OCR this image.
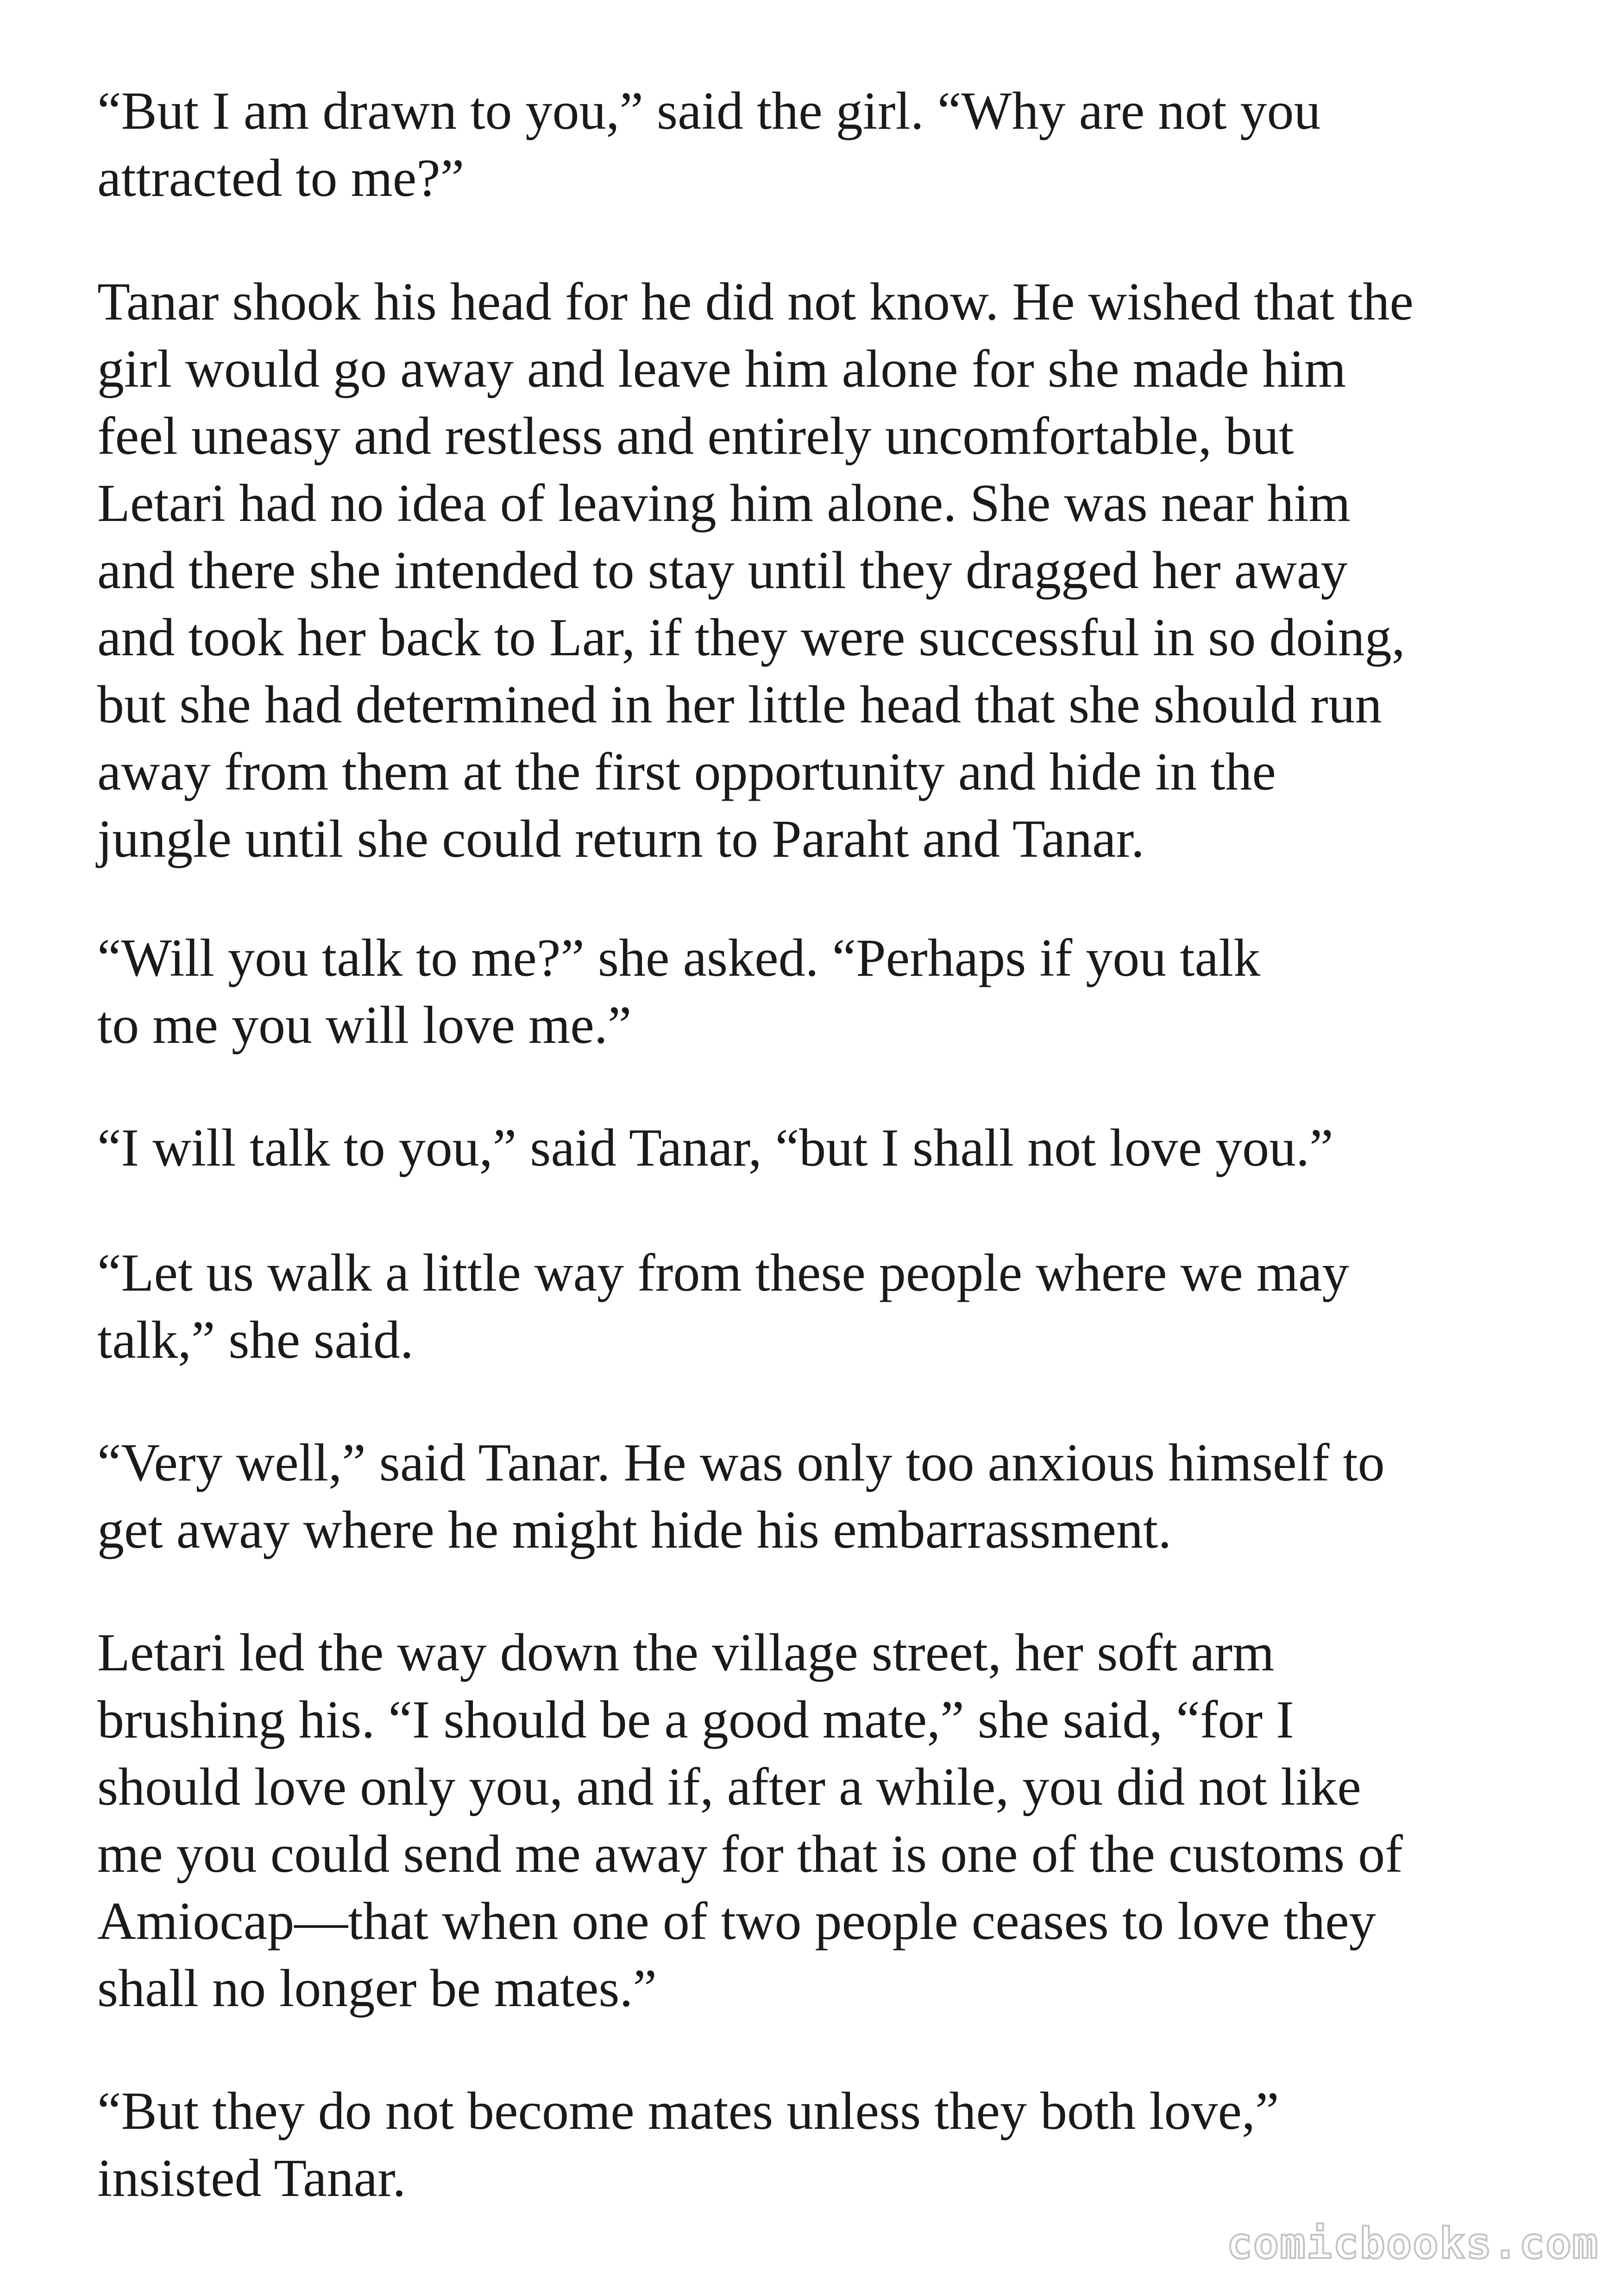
“But I am drawn to you,” said the girl. “Why are not you
attracted to me?”
Tanar shook his head for he did not know. He wished that the
girl would go away and leave him alone for she made him
feel uneasy and restless and entirely uncomfortable, but
Letari had no idea of leaving him alone. She was near him
and there she intended to stay until they dragged her away
and took her back to Lar, if they were successful in so doing,
but she had determined in her little head that she should run
away from them at the first opportunity and hide in the
jungle until she could return to Paraht and Tanar.
“Will you talk to me?” she asked. “Perhaps if you talk
to me you will love me.”
“I will talk to you,” said Tanar, “but I shall not love you.”
“Let us walk a little way from these people where we may
talk,” she said.
“Very well,” said Tanar. He was only too anxious himself to
get away where he might hide his embarrassment.
Letari led the way down the village street, her soft arm
brushing his. “I should be a good mate,” she said, “for I
should love only you, and if, after a while, you did not like
me you could send me away for that is one of the customs of
Amiocap—that when one of two people ceases to love they
shall no longer be mates.”
“But they do not become mates unless they both love,”
insisted Tanar.
comicbooks.com
